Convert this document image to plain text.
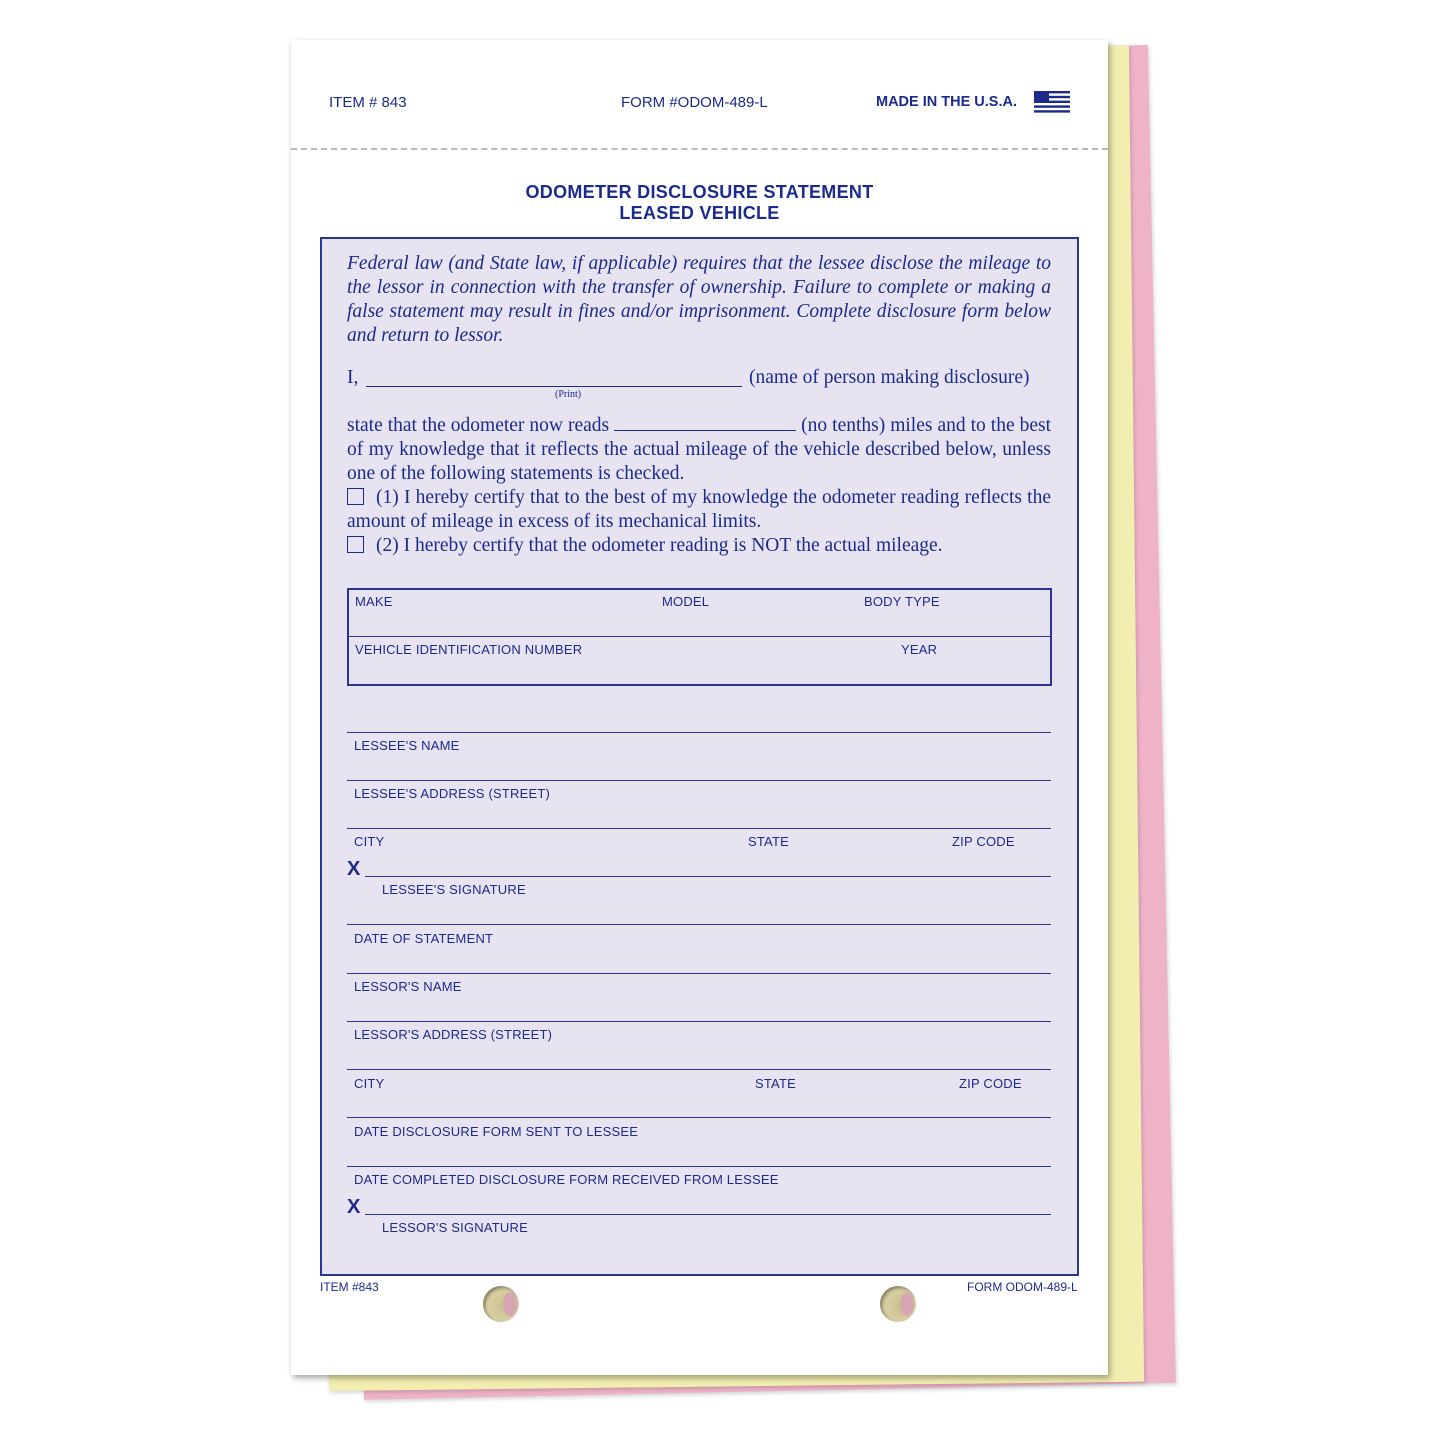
ITEM # 843	FORM #ODOM-489-L	MADE IN THE U.S.A.
ODOMETER DISCLOSURE STATEMENT
LEASED VEHICLE
Federal law (and State law, if applicable) requires that the lessee disclose the mileage to the lessor in connection with the transfer of ownership. Failure to complete or making a false statement may result in fines and/or imprisonment. Complete disclosure form below and return to lessor.
I,
(Print)
(name of person making disclosure)
state that the odometer now reads	(no tenths) miles and to the best of my knowledge that it reflects the actual mileage of the vehicle described below, unless one of the following statements is checked.
(1) I hereby certify that to the best of my knowledge the odometer reading reflects the amount of mileage in excess of its mechanical limits.
(2) I hereby certify that the odometer reading is NOT the actual mileage.
MAKE	MODEL	BODY TYPE
VEHICLE IDENTIFICATION NUMBER	YEAR
LESSEE'S NAME
LESSEE'S ADDRESS (STREET)
CITY	STATE	ZIP CODE
X
LESSEE'S SIGNATURE
DATE OF STATEMENT
LESSOR'S NAME
LESSOR'S ADDRESS (STREET)
CITY	STATE	ZIP CODE
DATE DISCLOSURE FORM SENT TO LESSEE
DATE COMPLETED DISCLOSURE FORM RECEIVED FROM LESSEE
X
LESSOR'S SIGNATURE
ITEM #843	FORM ODOM-489-L
